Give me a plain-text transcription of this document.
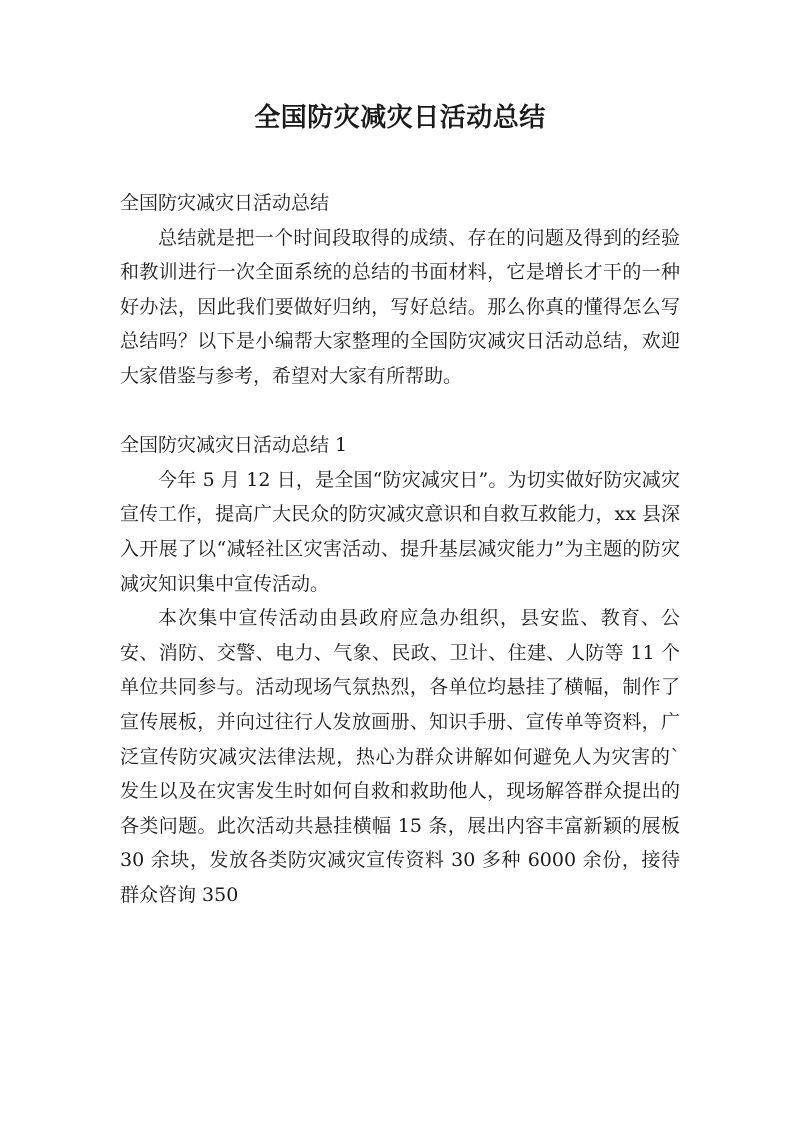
全国防灾减灾日活动总结

全国防灾减灾日活动总结

总结就是把一个时间段取得的成绩、存在的问题及得到的经验和教训进行一次全面系统的总结的书面材料，它是增长才干的一种好办法，因此我们要做好归纳，写好总结。那么你真的懂得怎么写总结吗？以下是小编帮大家整理的全国防灾减灾日活动总结，欢迎大家借鉴与参考，希望对大家有所帮助。

全国防灾减灾日活动总结 1

今年 5 月 12 日，是全国“防灾减灾日”。为切实做好防灾减灾宣传工作，提高广大民众的防灾减灾意识和自救互救能力，xx 县深入开展了以“减轻社区灾害活动、提升基层减灾能力”为主题的防灾减灾知识集中宣传活动。

本次集中宣传活动由县政府应急办组织，县安监、教育、公安、消防、交警、电力、气象、民政、卫计、住建、人防等 11 个单位共同参与。活动现场气氛热烈，各单位均悬挂了横幅，制作了宣传展板，并向过往行人发放画册、知识手册、宣传单等资料，广泛宣传防灾减灾法律法规，热心为群众讲解如何避免人为灾害的`发生以及在灾害发生时如何自救和救助他人，现场解答群众提出的各类问题。此次活动共悬挂横幅 15 条，展出内容丰富新颖的展板 30 余块，发放各类防灾减灾宣传资料 30 多种 6000 余份，接待群众咨询 350
